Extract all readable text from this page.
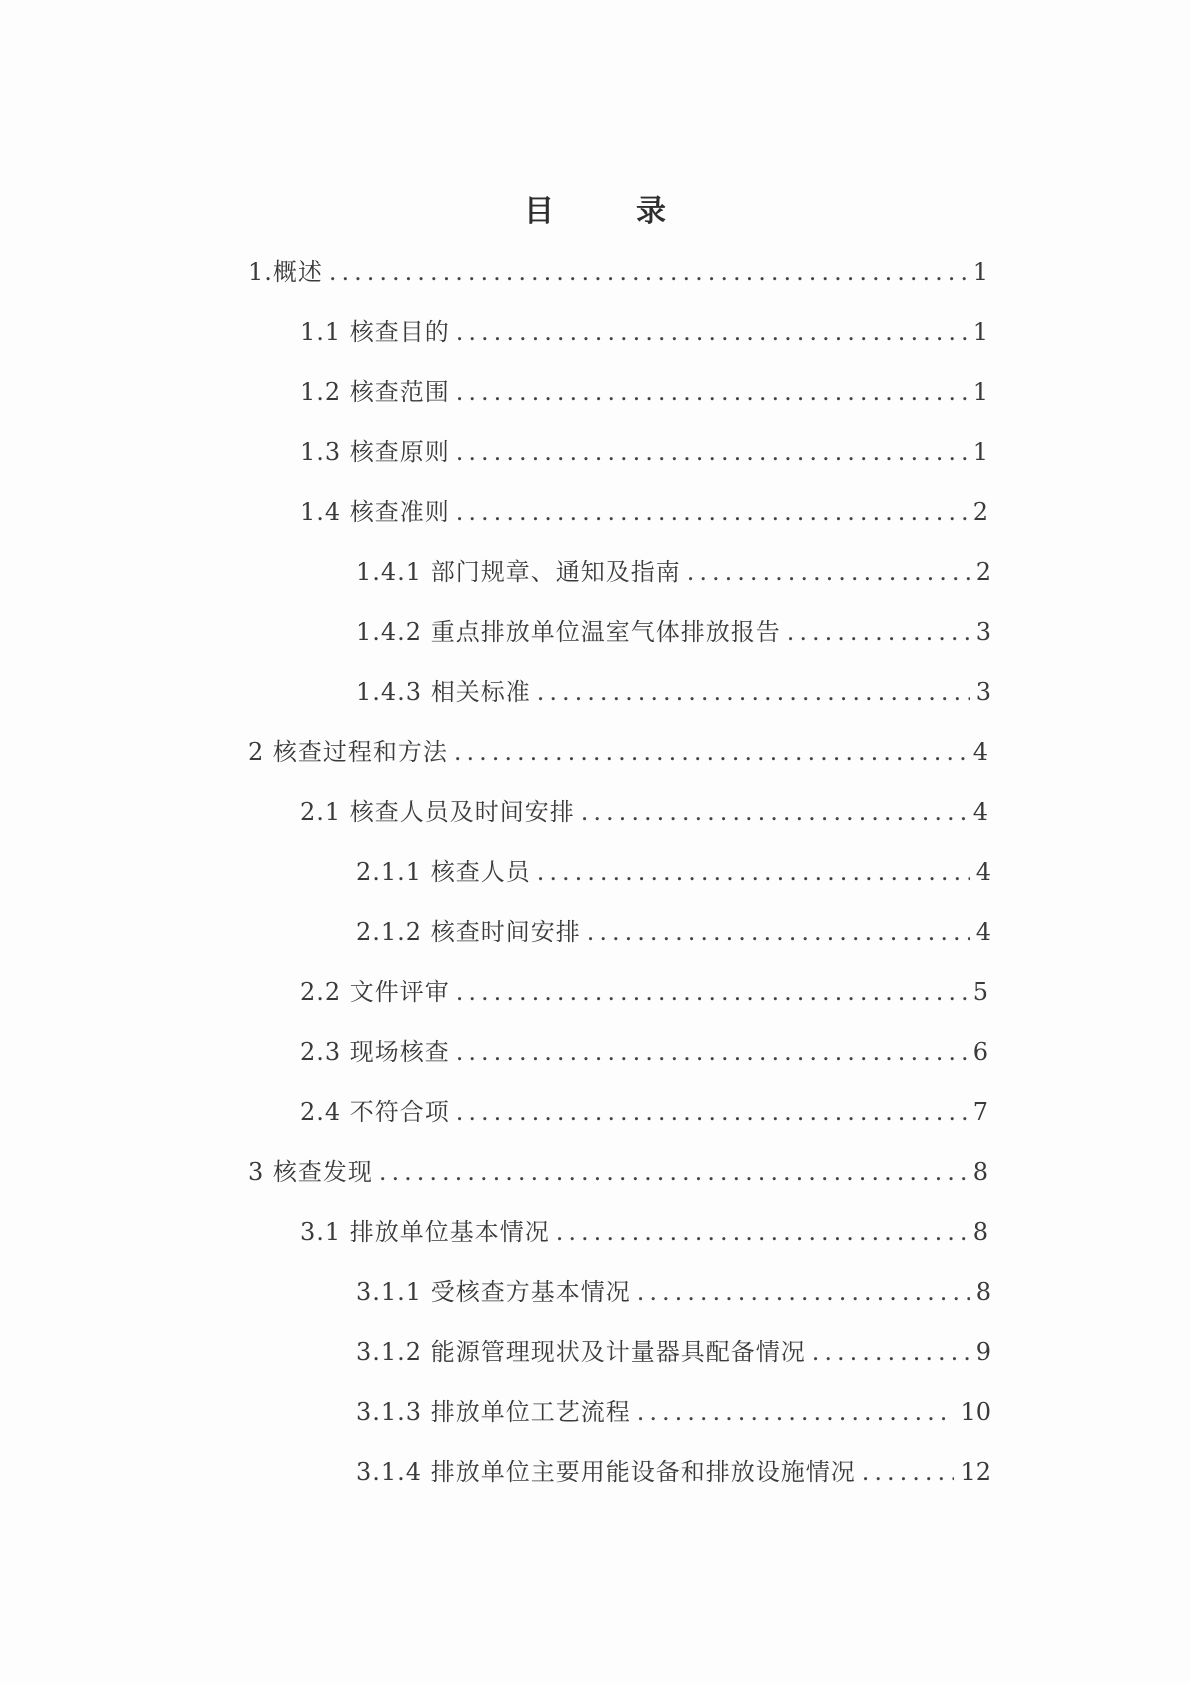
目　录
1.概述 .....	1
1.1 核查目的 .....	1
1.2 核查范围 .....	1
1.3 核查原则 .....	1
1.4 核查准则 .....	2
1.4.1 部门规章、通知及指南 .....	2
1.4.2 重点排放单位温室气体排放报告 .....	3
1.4.3 相关标准 .....	3
2 核查过程和方法 .....	4
2.1 核查人员及时间安排 .....	4
2.1.1 核查人员 .....	4
2.1.2 核查时间安排 .....	4
2.2 文件评审 .....	5
2.3 现场核查 .....	6
2.4 不符合项 .....	7
3 核查发现 .....	8
3.1 排放单位基本情况 .....	8
3.1.1 受核查方基本情况 .....	8
3.1.2 能源管理现状及计量器具配备情况 .....	9
3.1.3 排放单位工艺流程 .....	10
3.1.4 排放单位主要用能设备和排放设施情况 .....	12
